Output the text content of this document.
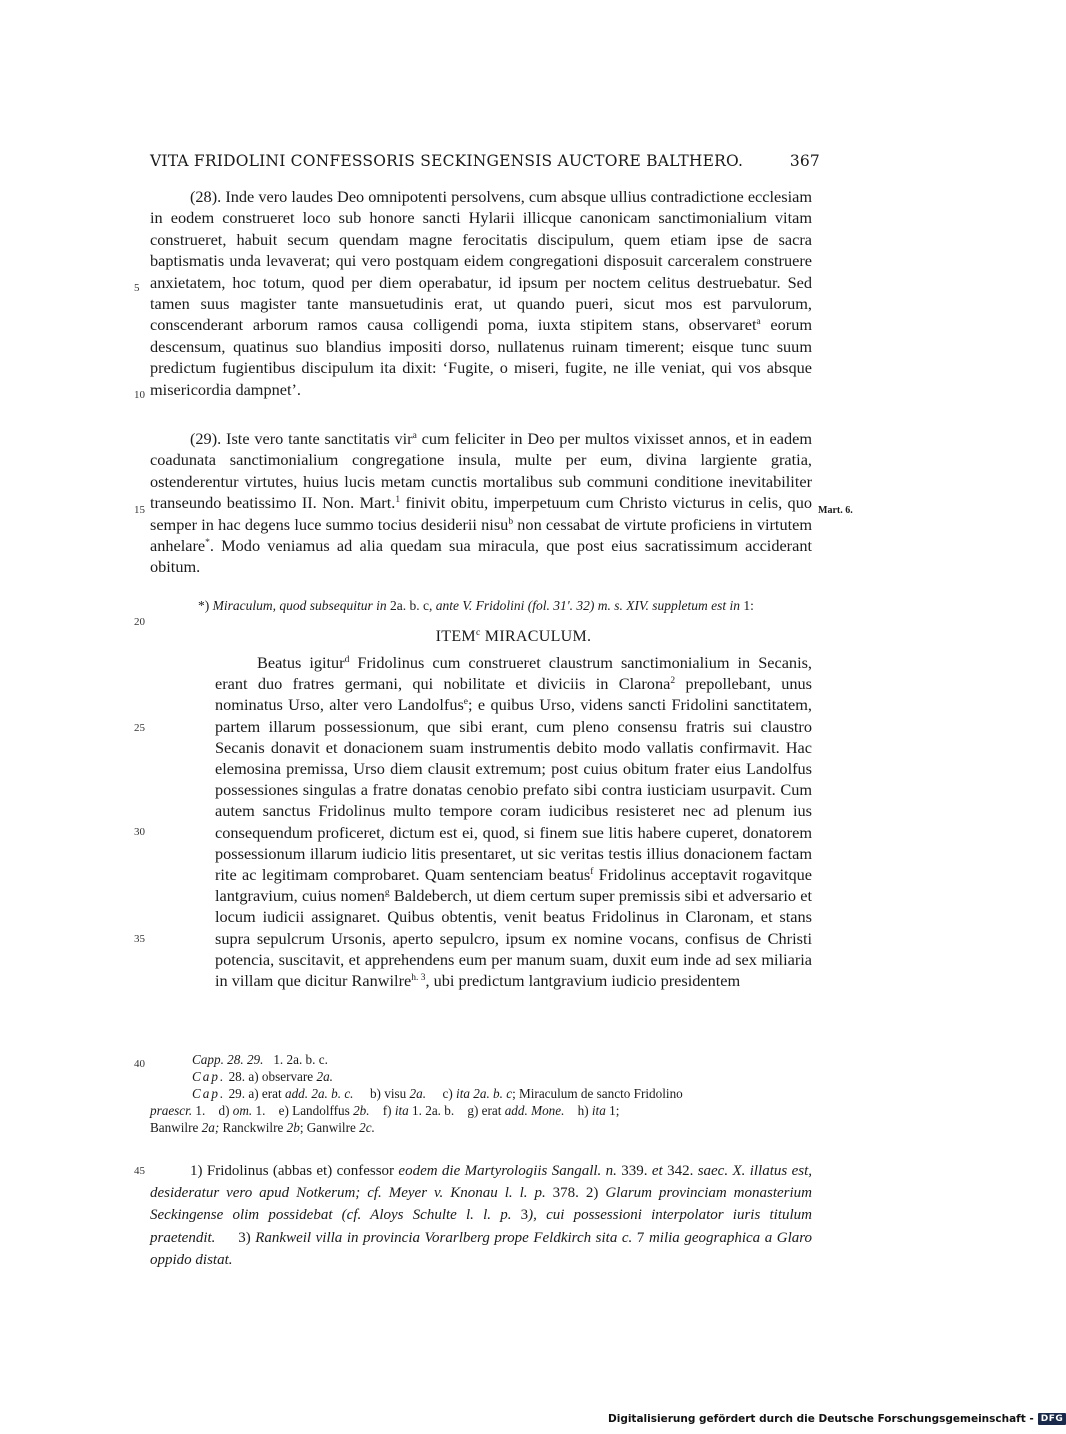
VITA FRIDOLINI CONFESSORIS SECKINGENSIS AUCTORE BALTHERO.	367
5
10
15
20
25
30
35
40
45
Mart. 6.

(28). Inde vero laudes Deo omnipotenti persolvens, cum absque ullius contradictione ecclesiam in eodem construeret loco sub honore sancti Hylarii illicque canonicam sanctimonialium vitam construeret, habuit secum quendam magne ferocitatis discipulum, quem etiam ipse de sacra baptismatis unda levaverat; qui vero postquam eidem congregationi disposuit carceralem construere anxietatem, hoc totum, quod per diem operabatur, id ipsum per noctem celitus destruebatur. Sed tamen suus magister tante mansuetudinis erat, ut quando pueri, sicut mos est parvulorum, conscenderant arborum ramos causa colligendi poma, iuxta stipitem stans, observaret$^a$ eorum descensum, quatinus suo blandius impositi dorso, nullatenus ruinam timerent; eisque tunc suum predictum fugientibus discipulum ita dixit: ‘Fugite, o miseri, fugite, ne ille veniat, qui vos absque misericordia dampnet’.

(29). Iste vero tante sanctitatis vir$^a$ cum feliciter in Deo per multos vixisset annos, et in eadem coadunata sanctimonialium congregatione insula, multe per eum, divina largiente gratia, ostenderentur virtutes, huius lucis metam cunctis mortalibus sub communi conditione inevitabiliter transeundo beatissimo II. Non. Mart.$^1$ finivit obitu, imperpetuum cum Christo victurus in celis, quo semper in hac degens luce summo tocius desiderii nisu$^b$ non cessabat de virtute proficiens in virtutem anhelare*. Modo veniamus ad alia quedam sua miracula, que post eius sacratissimum acciderant obitum.

*) Miraculum, quod subsequitur in 2a. b. c, ante V. Fridolini (fol. 31'. 32) m. s. XIV. suppletum est in 1:
ITEM$^c$ MIRACULUM.

Beatus igitur$^d$ Fridolinus cum construeret claustrum sanctimonialium in Secanis, erant duo fratres germani, qui nobilitate et diviciis in Clarona$^2$ prepollebant, unus nominatus Urso, alter vero Landolfus$^e$; e quibus Urso, videns sancti Fridolini sanctitatem, partem illarum possessionum, que sibi erant, cum pleno consensu fratris sui claustro Secanis donavit et donacionem suam instrumentis debito modo vallatis confirmavit. Hac elemosina premissa, Urso diem clausit extremum; post cuius obitum frater eius Landolfus possessiones singulas a fratre donatas cenobio prefato sibi contra iusticiam usurpavit. Cum autem sanctus Fridolinus multo tempore coram iudicibus resisteret nec ad plenum ius consequendum proficeret, dictum est ei, quod, si finem sue litis habere cuperet, donatorem possessionum illarum iudicio litis presentaret, ut sic veritas testis illius donacionem factam rite ac legitimam comprobaret. Quam sentenciam beatus$^f$ Fridolinus acceptavit rogavitque lantgravium, cuius nomen$^g$ Baldeberch, ut diem certum super premissis sibi et adversario et locum iudicii assignaret. Quibus obtentis, venit beatus Fridolinus in Claronam, et stans supra sepulcrum Ursonis, aperto sepulcro, ipsum ex nomine vocans, confisus de Christi potencia, suscitavit, et apprehendens eum per manum suam, duxit eum inde ad sex miliaria in villam que dicitur Ranwilre$^{h. 3}$, ubi predictum lantgravium iudicio presidentem

Capp. 28. 29. 1. 2a. b. c.
Cap. 28. a) observare 2a.
Cap. 29. a) erat add. 2a. b. c. b) visu 2a. c) ita 2a. b. c; Miraculum de sancto Fridolino
praescr. 1.    d) om. 1.    e) Landolffus 2b. f) ita 1. 2a. b.    g) erat add. Mone. h) ita 1;
Banwilre 2a; Ranckwilre 2b; Ganwilre 2c.

1) Fridolinus (abbas et) confessor eodem die Martyrologiis Sangall. n. 339. et 342. saec. X. illatus est, desideratur vero apud Notkerum; cf. Meyer v. Knonau l. l. p. 378. 2) Glarum provinciam monasterium Seckingense olim possidebat (cf. Aloys Schulte l. l. p. 3), cui possessioni interpolator iuris titulum praetendit. 3) Rankweil villa in provincia Vorarlberg prope Feldkirch sita c. 7 milia geographica a Glaro oppido distat.

Digitalisierung gefördert durch die Deutsche Forschungsgemeinschaft - DFG
